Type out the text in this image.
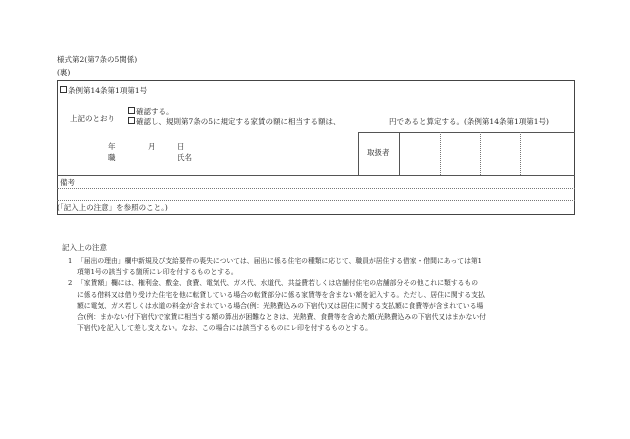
様式第2(第7条の5関係)
(裏)
条例第14条第1項第1号
上記のとおり
確認する。
確認し、規則第7条の5に規定する家賃の額に相当する額は、	円であると算定する。(条例第14条第1項第1号)
年	月	日
職	氏名
取扱者
備考
(「記入上の注意」を参照のこと。)
記入上の注意
1 「届出の理由」欄中新規及び支給要件の喪失については、届出に係る住宅の種類に応じて、職員が居住する借家・借間にあっては第1
項第1号の該当する箇所にレ印を付するものとする。
2 「家賃額」欄には、権利金、敷金、食費、電気代、ガス代、水道代、共益費若しくは店舗付住宅の店舗部分その他これに類するもの
に係る借料又は借り受けた住宅を他に転貸している場合の転貸部分に係る家賃等を含まない額を記入する。ただし、居住に関する支払
額に電気、ガス若しくは水道の料金が含まれている場合(例：光熱費込みの下宿代)又は居住に関する支払額に食費等が含まれている場
合(例：まかない付下宿代)で家賃に相当する額の算出が困難なときは、光熱費、食費等を含めた額(光熱費込みの下宿代又はまかない付
下宿代)を記入して差し支えない。なお、この場合には該当するものにレ印を付するものとする。
